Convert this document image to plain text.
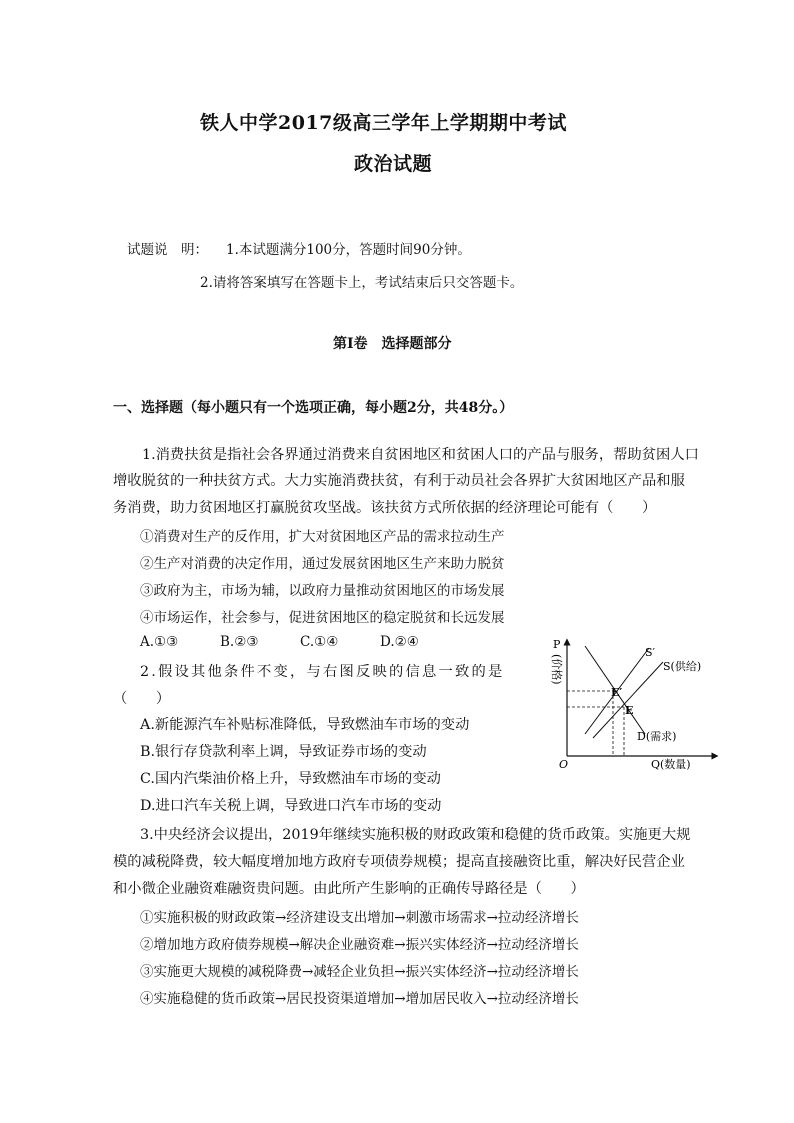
铁人中学2017级高三学年上学期期中考试
政治试题
试题说　明： 1.本试题满分100分，答题时间90分钟。
2.请将答案填写在答题卡上，考试结束后只交答题卡。
第Ⅰ卷　选择题部分
一、选择题（每小题只有一个选项正确，每小题2分，共48分。）
1.消费扶贫是指社会各界通过消费来自贫困地区和贫困人口的产品与服务，帮助贫困人口
增收脱贫的一种扶贫方式。大力实施消费扶贫，有利于动员社会各界扩大贫困地区产品和服
务消费，助力贫困地区打赢脱贫攻坚战。该扶贫方式所依据的经济理论可能有（　　）
①消费对生产的反作用，扩大对贫困地区产品的需求拉动生产
②生产对消费的决定作用，通过发展贫困地区生产来助力脱贫
③政府为主，市场为辅，以政府力量推动贫困地区的市场发展
④市场运作，社会参与，促进贫困地区的稳定脱贫和长远发展
A.①③	B.②③	C.①④	D.②④
2.假设其他条件不变，与右图反映的信息一致的是
（　　）
A.新能源汽车补贴标准降低，导致燃油车市场的变动
B.银行存贷款利率上调，导致证券市场的变动
C.国内汽柴油价格上升，导致燃油车市场的变动
D.进口汽车关税上调，导致进口汽车市场的变动
P
(价格)
O	Q(数量)
S′
S(供给)
E′
E
D(需求)
3.中央经济会议提出，2019年继续实施积极的财政政策和稳健的货币政策。实施更大规
模的减税降费，较大幅度增加地方政府专项债券规模；提高直接融资比重，解决好民营企业
和小微企业融资难融资贵问题。由此所产生影响的正确传导路径是（　　）
①实施积极的财政政策→经济建设支出增加→刺激市场需求→拉动经济增长
②增加地方政府债券规模→解决企业融资难→振兴实体经济→拉动经济增长
③实施更大规模的减税降费→减轻企业负担→振兴实体经济→拉动经济增长
④实施稳健的货币政策→居民投资渠道增加→增加居民收入→拉动经济增长
